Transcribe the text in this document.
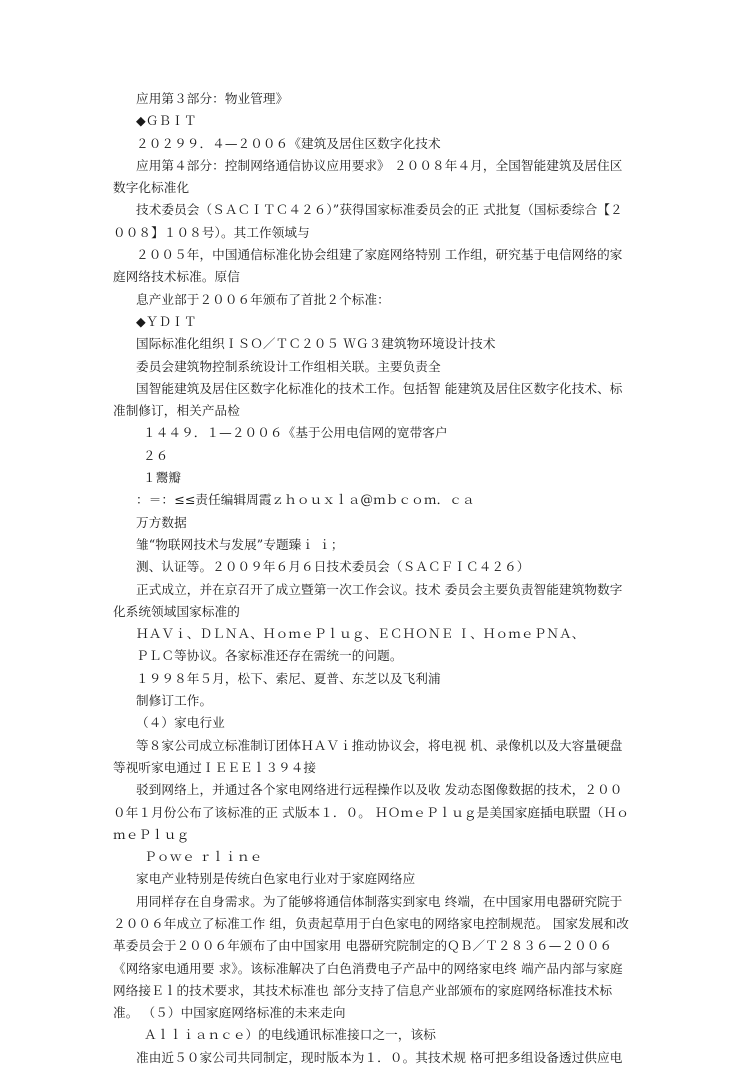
应用第３部分：物业管理》
◆ＧＢＩＴ
２０２９９．４—２００６《建筑及居住区数字化技术
应用第４部分：控制网络通信协议应用要求》 ２００８年４月，全国智能建筑及居住区数字化标准化
技术委员会（ＳＡＣＩＴＣ４２６）”获得国家标准委员会的正 式批复（国标委综合【２００８】１０８号）。其工作领域与
２００５年，中国通信标准化协会组建了家庭网络特别 工作组，研究基于电信网络的家庭网络技术标准。原信
息产业部于２００６年颁布了首批２个标准：
◆ＹＤＩＴ
国际标准化组织ＩＳＯ／ＴＣ２０５ ＷＧ３建筑物环境设计技术
委员会建筑物控制系统设计工作组相关联。主要负责全
国智能建筑及居住区数字化标准化的技术工作。包括智 能建筑及居住区数字化技术、标准制修订，相关产品检
１４４９．１—２００６《基于公用电信网的宽带客户
２６
１鬻瓣
：＝：≤≤责任编辑周霞ｚｈｏｕｘｌａ@ｍｂｃｏｍ．ｃａ
万方数据
雏“物联网技术与发展”专题臻ｉ ｉ；
测、认证等。２００９年６月６日技术委员会（ＳＡＣＦＩＣ４２６）
正式成立，并在京召开了成立暨第一次工作会议。技术 委员会主要负责智能建筑物数字化系统领域国家标准的
ＨＡＶｉ、ＤＬＮＡ、ＨｏｍｅＰｌｕｇ、ＥＣＨＯＮＥ Ｉ、ＨｏｍｅＰＮＡ、
ＰＬＣ等协议。各家标准还存在需统一的问题。
１９９８年５月，松下、索尼、夏普、东芝以及飞利浦
制修订工作。
（４）家电行业
等８家公司成立标准制订团体ＨＡＶｉ推动协议会，将电视 机、录像机以及大容量硬盘等视听家电通过ＩＥＥＥｌ３９４接
驳到网络上，并通过各个家电网络进行远程操作以及收 发动态图像数据的技术，２０００年１月份公布了该标准的正 式版本１．０。 ＨＯｍｅＰｌｕｇ是美国家庭插电联盟（ＨｏｍｅＰｌｕｇ
Ｐｏｗｅ ｒｌｉｎｅ
家电产业特别是传统白色家电行业对于家庭网络应
用同样存在自身需求。为了能够将通信体制落实到家电 终端，在中国家用电器研究院于２００６年成立了标准工作 组，负责起草用于白色家电的网络家电控制规范。 国家发展和改革委员会于２００６年颁布了由中国家用 电器研究院制定的ＱＢ／Ｔ２８３６—２００６《网络家电通用要 求》。该标准解决了白色消费电子产品中的网络家电终 端产品内部与家庭网络接Ｅｌ的技术要求，其技术标准也 部分支持了信息产业部颁布的家庭网络标准技术标准。 （５）中国家庭网络标准的未来走向
Ａｌｌｉａｎｃｅ）的电线通讯标准接口之一，该标
准由近５０家公司共同制定，现时版本为１．０。其技术规 格可把多组设备透过供应电
